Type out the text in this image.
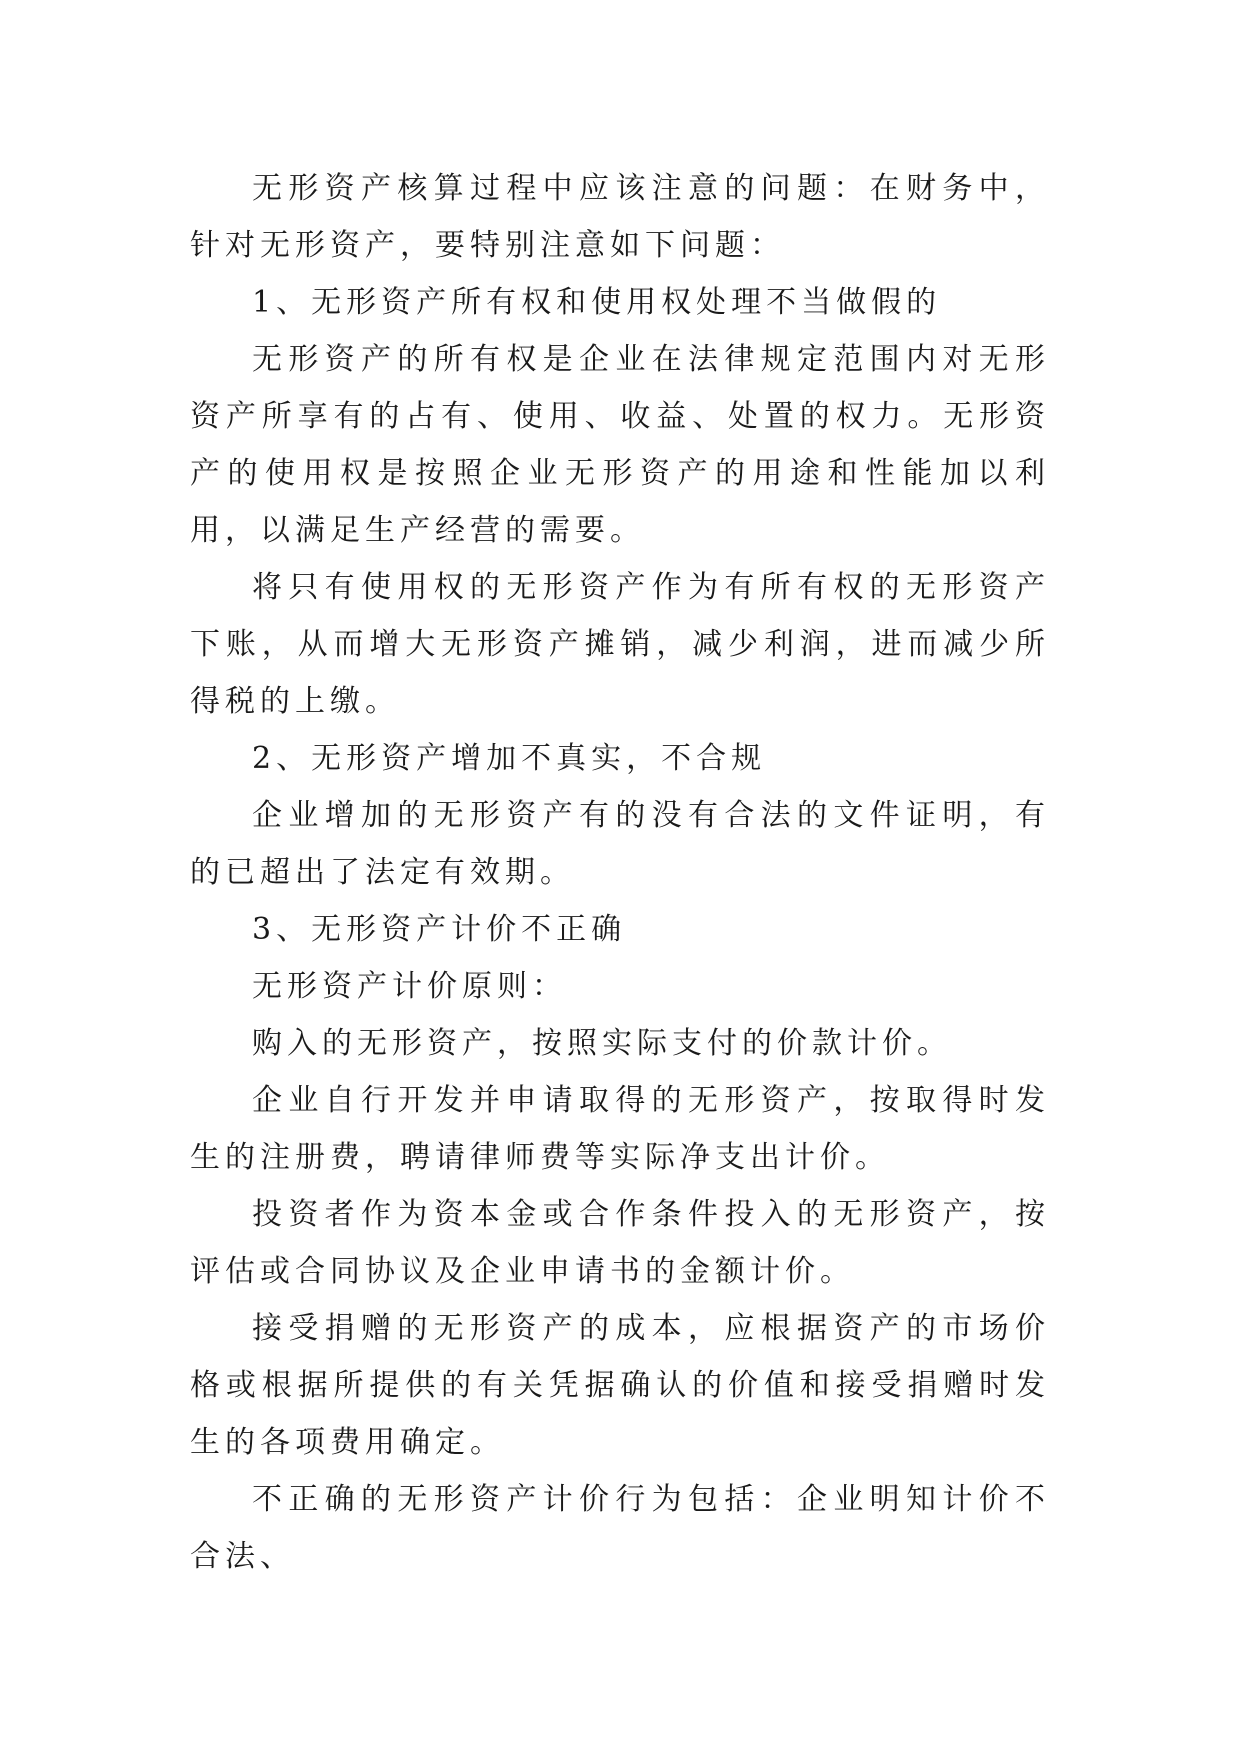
无形资产核算过程中应该注意的问题：在财务中，针对无形资产，要特别注意如下问题：

1、无形资产所有权和使用权处理不当做假的

无形资产的所有权是企业在法律规定范围内对无形资产所享有的占有、使用、收益、处置的权力。无形资产的使用权是按照企业无形资产的用途和性能加以利用，以满足生产经营的需要。

将只有使用权的无形资产作为有所有权的无形资产下账，从而增大无形资产摊销，减少利润，进而减少所得税的上缴。

2、无形资产增加不真实，不合规

企业增加的无形资产有的没有合法的文件证明，有的已超出了法定有效期。

3、无形资产计价不正确

无形资产计价原则：

购入的无形资产，按照实际支付的价款计价。

企业自行开发并申请取得的无形资产，按取得时发生的注册费，聘请律师费等实际净支出计价。

投资者作为资本金或合作条件投入的无形资产，按评估或合同协议及企业申请书的金额计价。

接受捐赠的无形资产的成本，应根据资产的市场价格或根据所提供的有关凭据确认的价值和接受捐赠时发生的各项费用确定。

不正确的无形资产计价行为包括：企业明知计价不合法、
